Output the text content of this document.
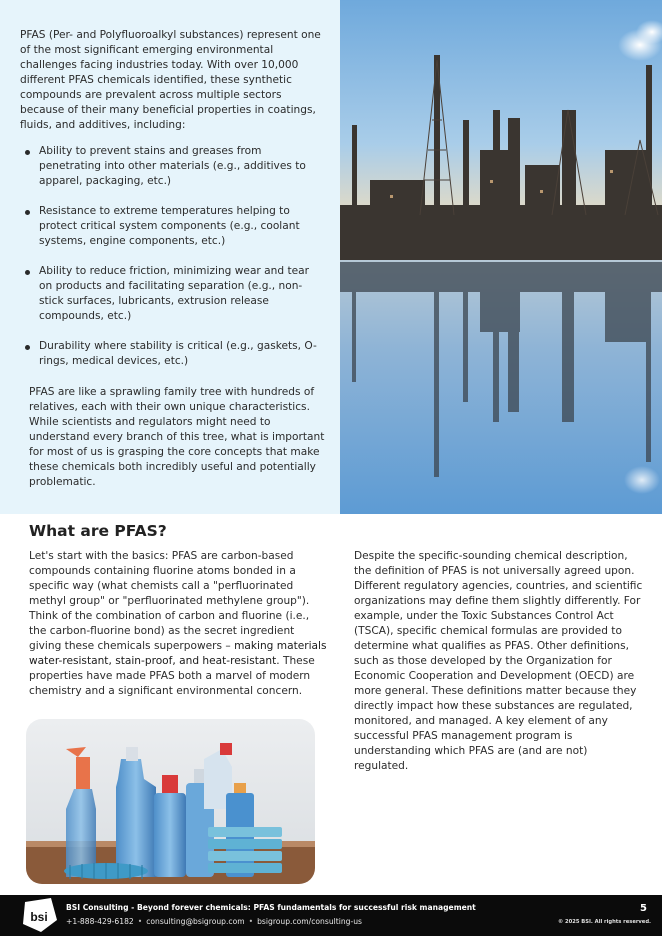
PFAS (Per- and Polyfluoroalkyl substances) represent one of the most significant emerging environmental challenges facing industries today. With over 10,000 different PFAS chemicals identified, these synthetic compounds are prevalent across multiple sectors because of their many beneficial properties in coatings, fluids, and additives, including:

Ability to prevent stains and greases from penetrating into other materials (e.g., additives to apparel, packaging, etc.)
Resistance to extreme temperatures helping to protect critical system components (e.g., coolant systems, engine components, etc.)
Ability to reduce friction, minimizing wear and tear on products and facilitating separation (e.g., non-stick surfaces, lubricants, extrusion release compounds, etc.)
Durability where stability is critical (e.g., gaskets, O-rings, medical devices, etc.)

PFAS are like a sprawling family tree with hundreds of relatives, each with their own unique characteristics. While scientists and regulators might need to understand every branch of this tree, what is important for most of us is grasping the core concepts that make these chemicals both incredibly useful and potentially problematic.

What are PFAS?

Let's start with the basics: PFAS are carbon-based compounds containing fluorine atoms bonded in a specific way (what chemists call a "perfluorinated methyl group" or "perfluorinated methylene group"). Think of the combination of carbon and fluorine (i.e., the carbon-fluorine bond) as the secret ingredient giving these chemicals superpowers – making materials water-resistant, stain-proof, and heat-resistant. These properties have made PFAS both a marvel of modern chemistry and a significant environmental concern.

Despite the specific-sounding chemical description, the definition of PFAS is not universally agreed upon. Different regulatory agencies, countries, and scientific organizations may define them slightly differently. For example, under the Toxic Substances Control Act (TSCA), specific chemical formulas are provided to determine what qualifies as PFAS. Other definitions, such as those developed by the Organization for Economic Cooperation and Development (OECD) are more general. These definitions matter because they directly impact how these substances are regulated, monitored, and managed. A key element of any successful PFAS management program is understanding which PFAS are (and are not) regulated.

bsi
BSI Consulting - Beyond forever chemicals: PFAS fundamentals for successful risk management
+1-888-429-6182 • consulting@bsigroup.com • bsigroup.com/consulting-us
5
© 2025 BSI. All rights reserved.
